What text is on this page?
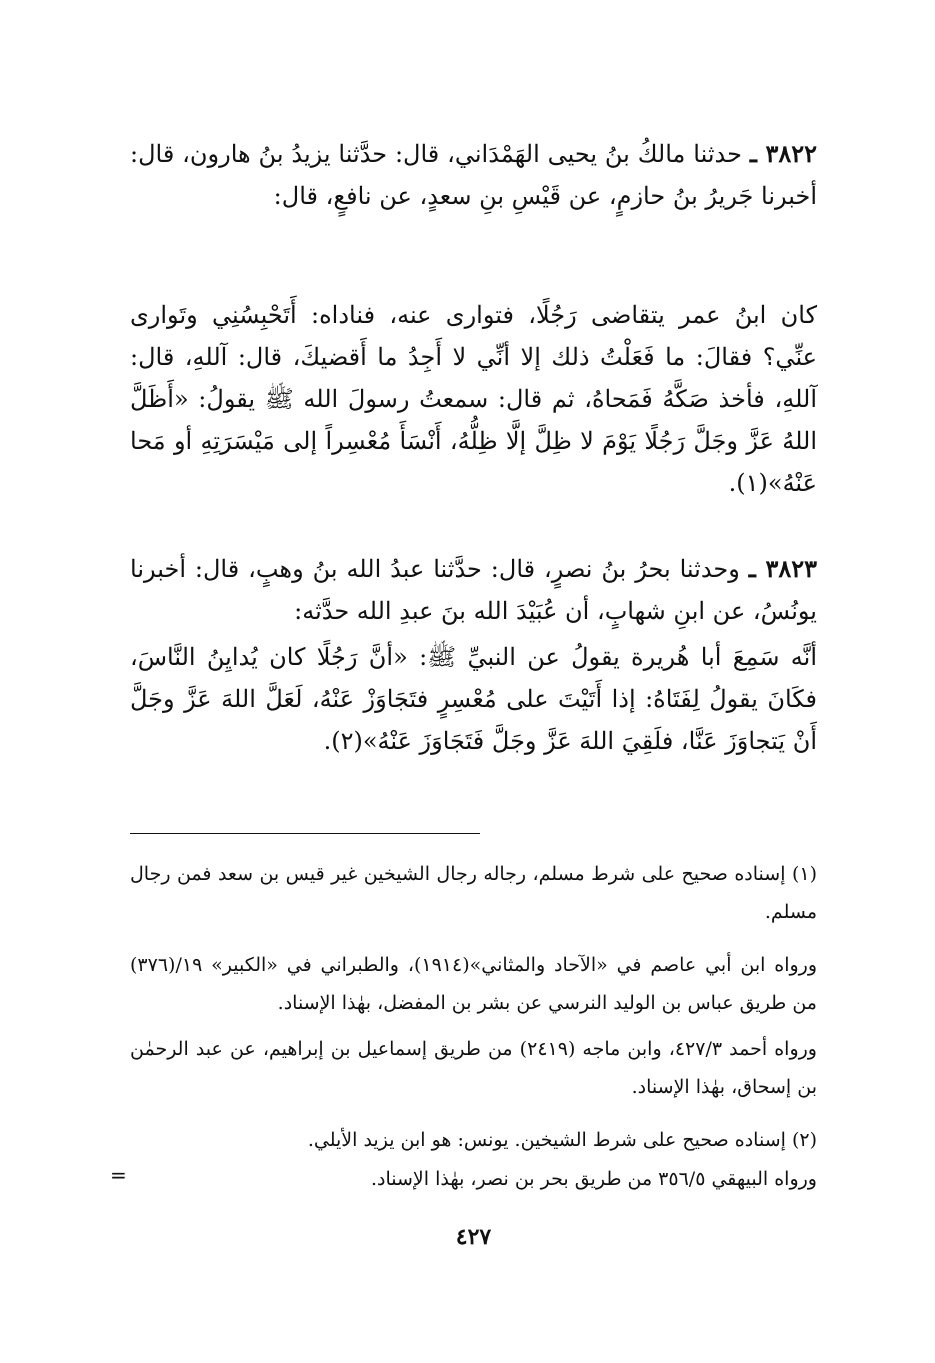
٣٨٢٢ ـ حدثنا مالكُ بنُ يحيى الهَمْدَاني، قال: حدَّثنا يزيدُ بنُ هارون، قال: أخبرنا جَريرُ بنُ حازمٍ، عن قَيْسِ بنِ سعدٍ، عن نافعٍ، قال:

كان ابنُ عمر يتقاضى رَجُلًا، فتوارى عنه، فناداه: أَتَحْبِسُنِي وتَوارى عنِّي؟ فقالَ: ما فَعَلْتُ ذلك إلا أنِّي لا أَجِدُ ما أَقضيكَ، قال: آللهِ، قال: آللهِ، فأخذ صَكَّهُ فَمَحاهُ، ثم قال: سمعتُ رسولَ الله ﷺ يقولُ: «أَظَلَّ اللهُ عَزَّ وجَلَّ رَجُلًا يَوْمَ لا ظِلَّ إلَّا ظِلُّهُ، أَنْسَأَ مُعْسِراً إلى مَيْسَرَتِهِ أو مَحا عَنْهُ»(١).

٣٨٢٣ ـ وحدثنا بحرُ بنُ نصرٍ، قال: حدَّثنا عبدُ الله بنُ وهبٍ، قال: أخبرنا يونُسُ، عن ابنِ شهابٍ، أن عُبَيْدَ الله بنَ عبدِ الله حدَّثه:

أنَّه سَمِعَ أبا هُريرة يقولُ عن النبيِّ ﷺ: «أنَّ رَجُلًا كان يُدايِنُ النَّاسَ، فكَانَ يقولُ لِفَتَاهُ: إذا أَتَيْتَ على مُعْسِرٍ فتَجَاوَزْ عَنْهُ، لَعَلَّ اللهَ عَزَّ وجَلَّ أَنْ يَتجاوَزَ عَنَّا، فلَقِيَ اللهَ عَزَّ وجَلَّ فَتَجَاوَزَ عَنْهُ»(٢).

(١) إسناده صحيح على شرط مسلم، رجاله رجال الشيخين غير قيس بن سعد فمن رجال مسلم.

ورواه ابن أبي عاصم في «الآحاد والمثاني»(١٩١٤)، والطبراني في «الكبير» ١٩/(٣٧٦) من طريق عباس بن الوليد النرسي عن بشر بن المفضل، بهٰذا الإسناد.

ورواه أحمد ٤٢٧/٣، وابن ماجه (٢٤١٩) من طريق إسماعيل بن إبراهيم، عن عبد الرحمٰن بن إسحاق، بهٰذا الإسناد.

(٢) إسناده صحيح على شرط الشيخين. يونس: هو ابن يزيد الأيلي.

ورواه البيهقي ٣٥٦/٥ من طريق بحر بن نصر، بهٰذا الإسناد.

٤٢٧
=
